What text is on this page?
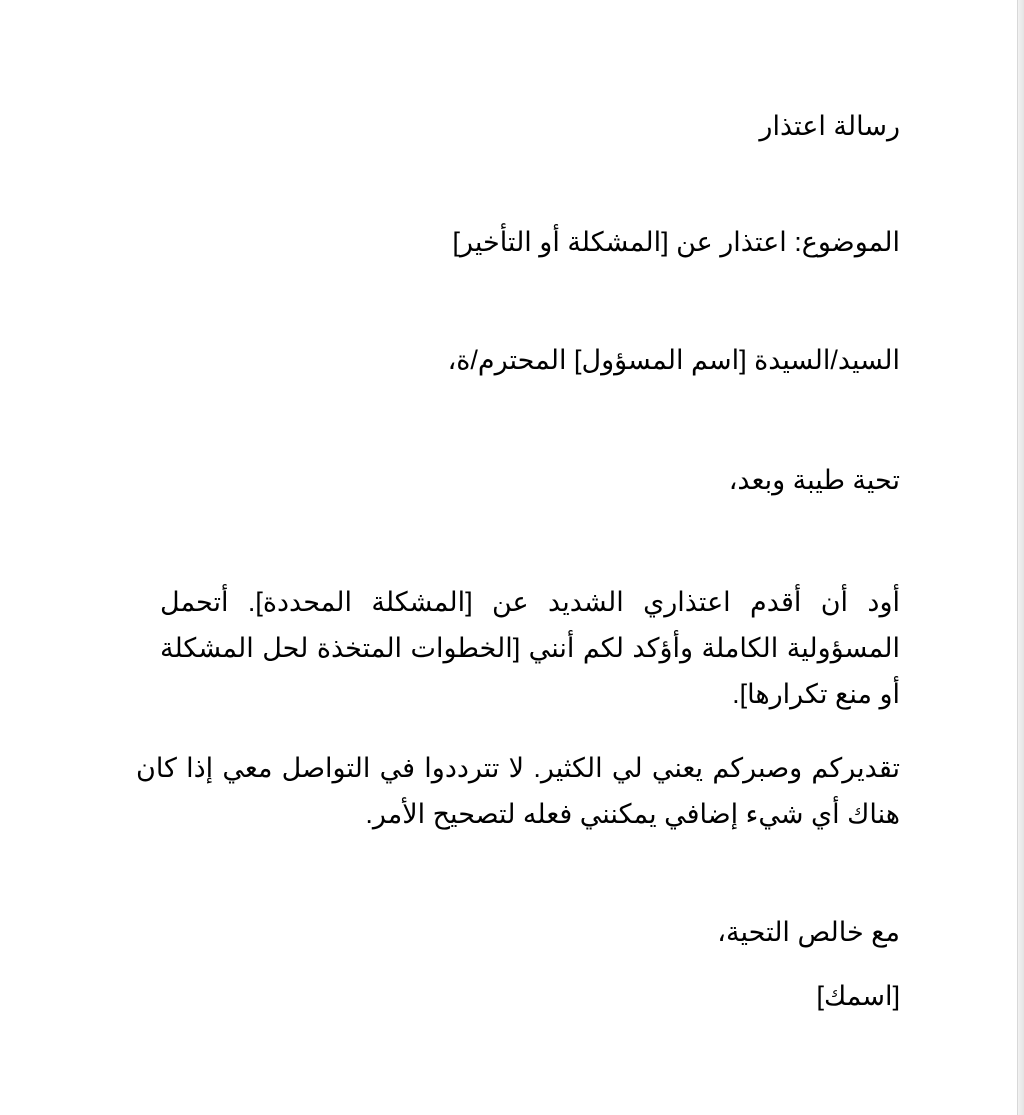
رسالة اعتذار
الموضوع: اعتذار عن [المشكلة أو التأخير]
السيد/السيدة [اسم المسؤول] المحترم/ة،
تحية طيبة وبعد،
أود أن أقدم اعتذاري الشديد عن [المشكلة المحددة]. أتحمل المسؤولية الكاملة وأؤكد لكم أنني [الخطوات المتخذة لحل المشكلة أو منع تكرارها].
تقديركم وصبركم يعني لي الكثير. لا تترددوا في التواصل معي إذا كان هناك أي شيء إضافي يمكنني فعله لتصحيح الأمر.
مع خالص التحية،
[اسمك]
